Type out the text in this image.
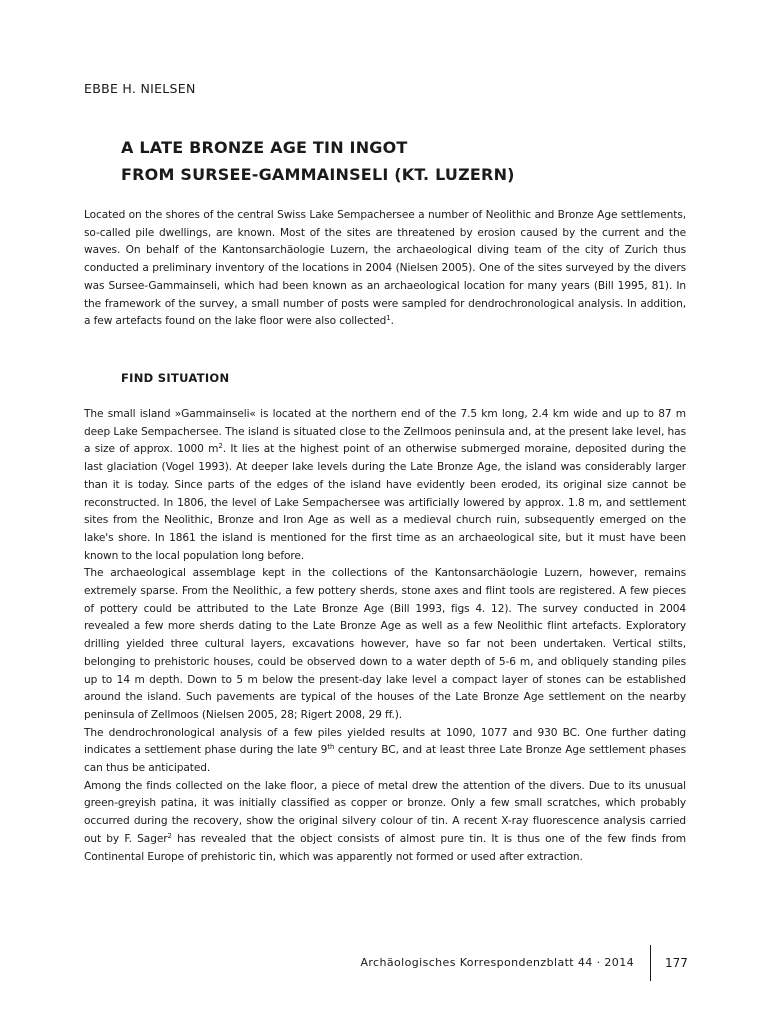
EBBE H. NIELSEN
A LATE BRONZE AGE TIN INGOT
FROM SURSEE-GAMMAINSELI (KT. LUZERN)

Located on the shores of the central Swiss Lake Sempachersee a number of Neolithic and Bronze Age settlements, so-called pile dwellings, are known. Most of the sites are threatened by erosion caused by the current and the waves. On behalf of the Kantonsarchäologie Luzern, the archaeological diving team of the city of Zurich thus conducted a preliminary inventory of the locations in 2004 (Nielsen 2005). One of the sites surveyed by the divers was Sursee-Gammainseli, which had been known as an archaeological location for many years (Bill 1995, 81). In the framework of the survey, a small number of posts were sampled for dendrochronological analysis. In addition, a few artefacts found on the lake floor were also collected$^1$.

FIND SITUATION

The small island »Gammainseli« is located at the northern end of the 7.5 km long, 2.4 km wide and up to 87 m deep Lake Sempachersee. The island is situated close to the Zellmoos peninsula and, at the present lake level, has a size of approx. 1000 $m^2$. It lies at the highest point of an otherwise submerged moraine, deposited during the last glaciation (Vogel 1993). At deeper lake levels during the Late Bronze Age, the island was considerably larger than it is today. Since parts of the edges of the island have evidently been eroded, its original size cannot be reconstructed. In 1806, the level of Lake Sempachersee was artificially lowered by approx. 1.8 m, and settlement sites from the Neolithic, Bronze and Iron Age as well as a medieval church ruin, subsequently emerged on the lake's shore. In 1861 the island is mentioned for the first time as an archaeological site, but it must have been known to the local population long before.

The archaeological assemblage kept in the collections of the Kantonsarchäologie Luzern, however, remains extremely sparse. From the Neolithic, a few pottery sherds, stone axes and flint tools are registered. A few pieces of pottery could be attributed to the Late Bronze Age (Bill 1993, figs 4. 12). The survey conducted in 2004 revealed a few more sherds dating to the Late Bronze Age as well as a few Neolithic flint artefacts. Exploratory drilling yielded three cultural layers, excavations however, have so far not been undertaken. Vertical stilts, belonging to prehistoric houses, could be observed down to a water depth of 5-6 m, and obliquely standing piles up to 14 m depth. Down to 5 m below the present-day lake level a compact layer of stones can be established around the island. Such pavements are typical of the houses of the Late Bronze Age settlement on the nearby peninsula of Zellmoos (Nielsen 2005, 28; Rigert 2008, 29 ff.).

The dendrochronological analysis of a few piles yielded results at 1090, 1077 and 930 BC. One further dating indicates a settlement phase during the late 9th century BC, and at least three Late Bronze Age settlement phases can thus be anticipated.

Among the finds collected on the lake floor, a piece of metal drew the attention of the divers. Due to its unusual green-greyish patina, it was initially classified as copper or bronze. Only a few small scratches, which probably occurred during the recovery, show the original silvery colour of tin. A recent X-ray fluorescence analysis carried out by F. Sager$^2$ has revealed that the object consists of almost pure tin. It is thus one of the few finds from Continental Europe of prehistoric tin, which was apparently not formed or used after extraction.

Archäologisches Korrespondenzblatt 44 · 2014	177
